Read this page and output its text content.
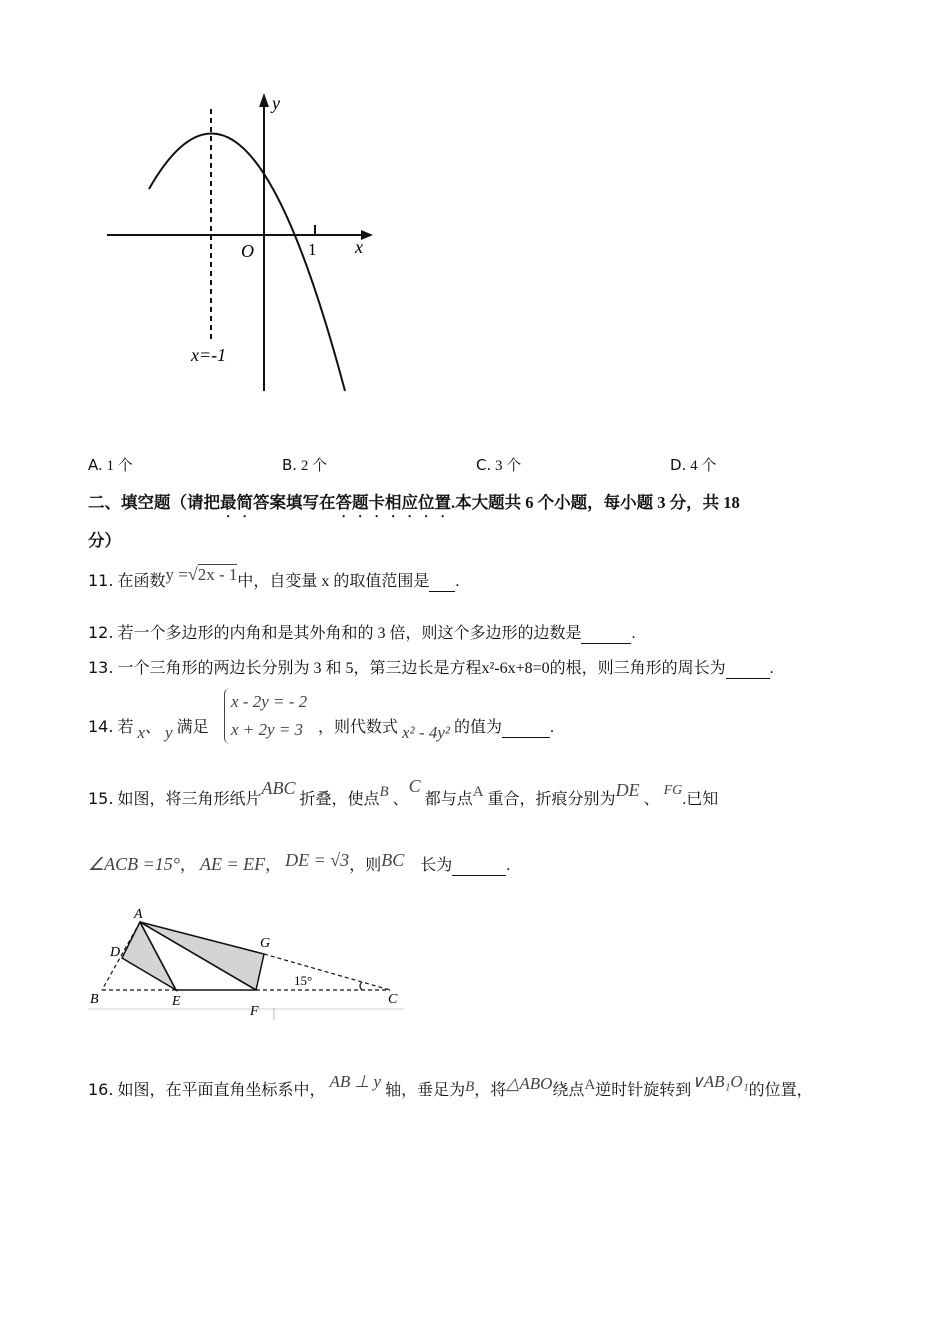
y
x
O	1
x=-1
A. 1 个	B. 2 个	C. 3 个	D. 4 个
二、填空题（请把最简答案填写在答题卡相应位置.本大题共 6 个小题，每小题 3 分，共 18
分）
11. 在函数y =√2x - 1中，自变量 x 的取值范围是 .
12. 若一个多边形的内角和是其外角和的 3 倍，则这个多边形的边数是	.
13. 一个三角形的两边长分别为 3 和 5，第三边长是方程x²-6x+8=0的根，则三角形的周长为	.
14. 若 x、 y 满足
x - 2y = - 2
x + 2y = 3 ，则代数式 x² - 4y² 的值为	.
15. 如图，将三角形纸片ABC 折叠，使点B 、C 都与点A 重合，折痕分别为DE 、 FG.已知
∠ACB =15°， AE = EF， DE = √3，则BC 长为	.
A
B	C
D
E
F
G
15°
16. 如图，在平面直角坐标系中， AB ⊥ y 轴，垂足为B，将△ABO绕点A逆时针旋转到∨AB₁O₁的位置，
